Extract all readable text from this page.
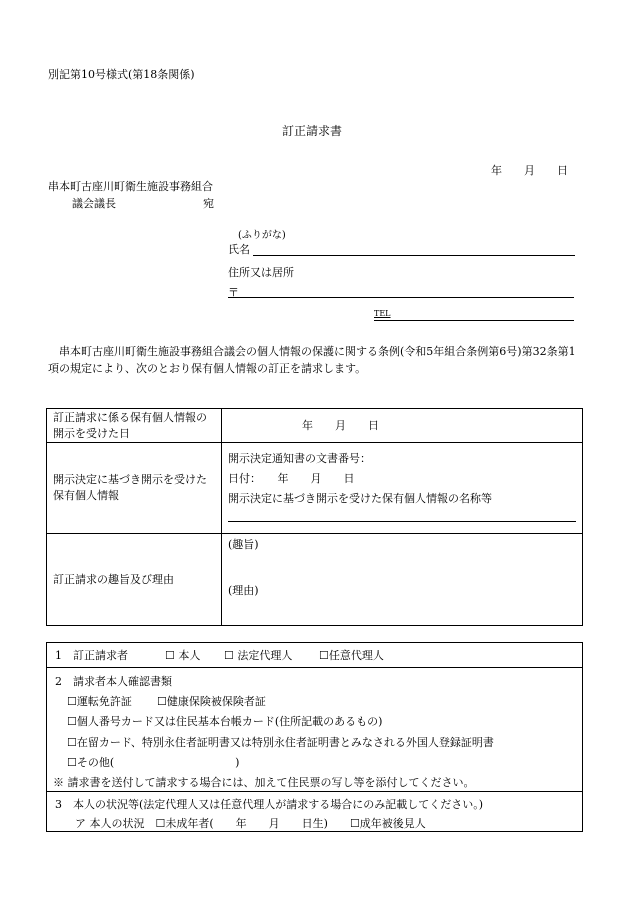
別記第10号様式(第18条関係)
訂正請求書
年　　月　　日
串本町古座川町衛生施設事務組合
議会議長	宛
(ふりがな)
氏名
住所又は居所
〒
TEL
串本町古座川町衛生施設事務組合議会の個人情報の保護に関する条例(令和5年組合条例第6号)第32条第1項の規定により、次のとおり保有個人情報の訂正を請求します。
訂正請求に係る保有個人情報の開示を受けた日	年　　月　　日
開示決定に基づき開示を受けた保有個人情報	開示決定通知書の文書番号：
日付：　　年　　月　　日
開示決定に基づき開示を受けた保有個人情報の名称等

訂正請求の趣旨及び理由	(趣旨)
(理由)
1　訂正請求者	☐ 本人 ☐ 法定代理人 ☐任意代理人
2　請求者本人確認書類
☐運転免許証 ☐健康保険被保険者証
☐個人番号カード又は住民基本台帳カード(住所記載のあるもの)
☐在留カード、特別永住者証明書又は特別永住者証明書とみなされる外国人登録証明書
☐その他(　　　　　　　　　　　)
※ 請求書を送付して請求する場合には、加えて住民票の写し等を添付してください。
3　本人の状況等(法定代理人又は任意代理人が請求する場合にのみ記載してください。)
ア 本人の状況　☐未成年者(　　年　　月　　日生)　　☐成年被後見人
